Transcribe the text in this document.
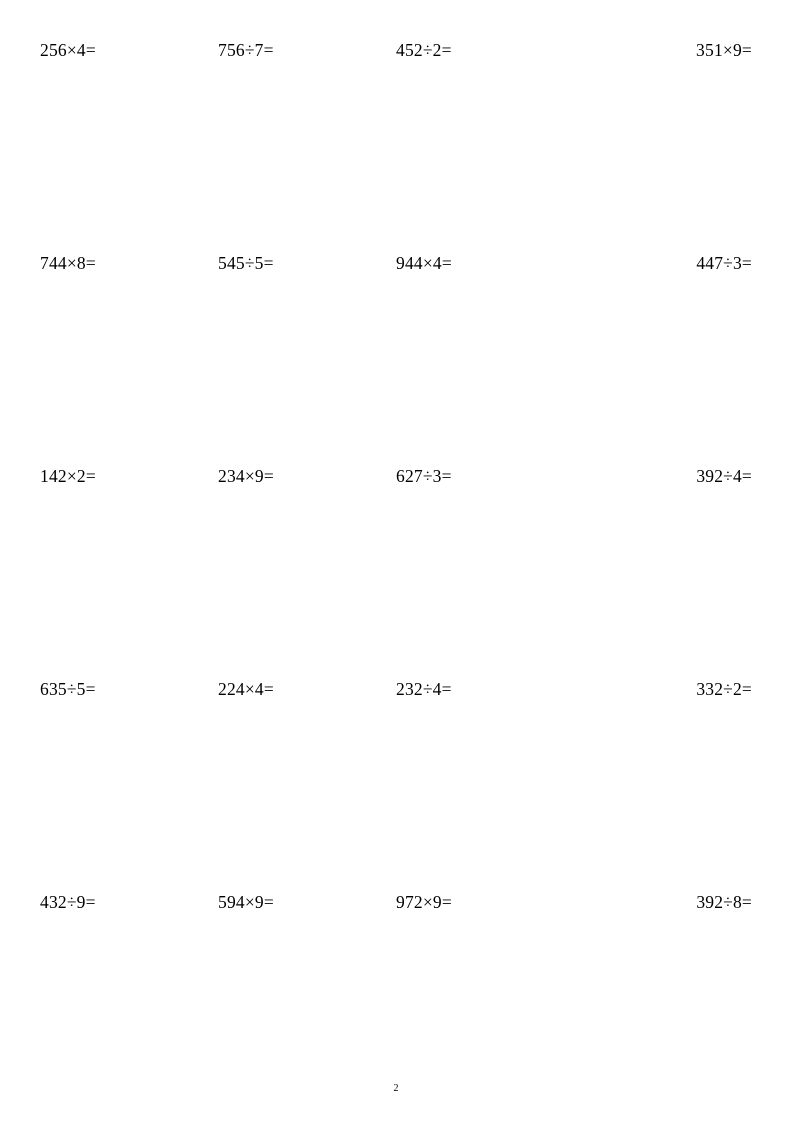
256×4=	756÷7=	452÷2=	351×9=
744×8=	545÷5=	944×4=	447÷3=
142×2=	234×9=	627÷3=	392÷4=
635÷5=	224×4=	232÷4=	332÷2=
432÷9=	594×9=	972×9=	392÷8=
2
